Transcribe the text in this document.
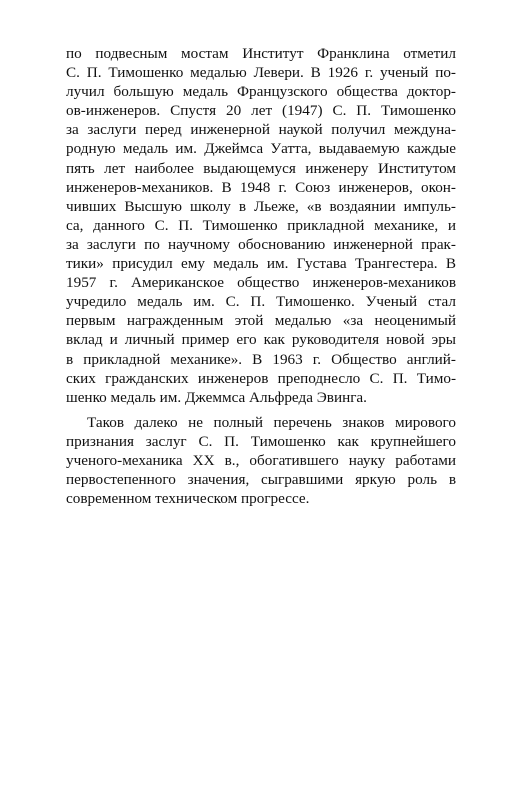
по подвесным мостам Институт Франклина отметил
С. П. Тимошенко медалью Левери. В 1926 г. ученый по-
лучил большую медаль Французского общества доктор-
ов-инженеров. Спустя 20 лет (1947) С. П. Тимошенко
за заслуги перед инженерной наукой получил междуна-
родную медаль им. Джеймса Уатта, выдаваемую каждые
пять лет наиболее выдающемуся инженеру Институтом
инженеров-механиков. В 1948 г. Союз инженеров, окон-
чивших Высшую школу в Льеже, «в воздаянии импуль-
са, данного С. П. Тимошенко прикладной механике, и
за заслуги по научному обоснованию инженерной прак-
тики» присудил ему медаль им. Густава Трангестера. В
1957 г. Американское общество инженеров-механиков
учредило медаль им. С. П. Тимошенко. Ученый стал
первым награжденным этой медалью «за неоценимый
вклад и личный пример его как руководителя новой эры
в прикладной механике». В 1963 г. Общество англий-
ских гражданских инженеров преподнесло С. П. Тимо-
шенко медаль им. Джеммса Альфреда Эвинга.
Таков далеко не полный перечень знаков мирового
признания заслуг С. П. Тимошенко как крупнейшего
ученого-механика XX в., обогатившего науку работами
первостепенного значения, сыгравшими яркую роль в
современном техническом прогрессе.
